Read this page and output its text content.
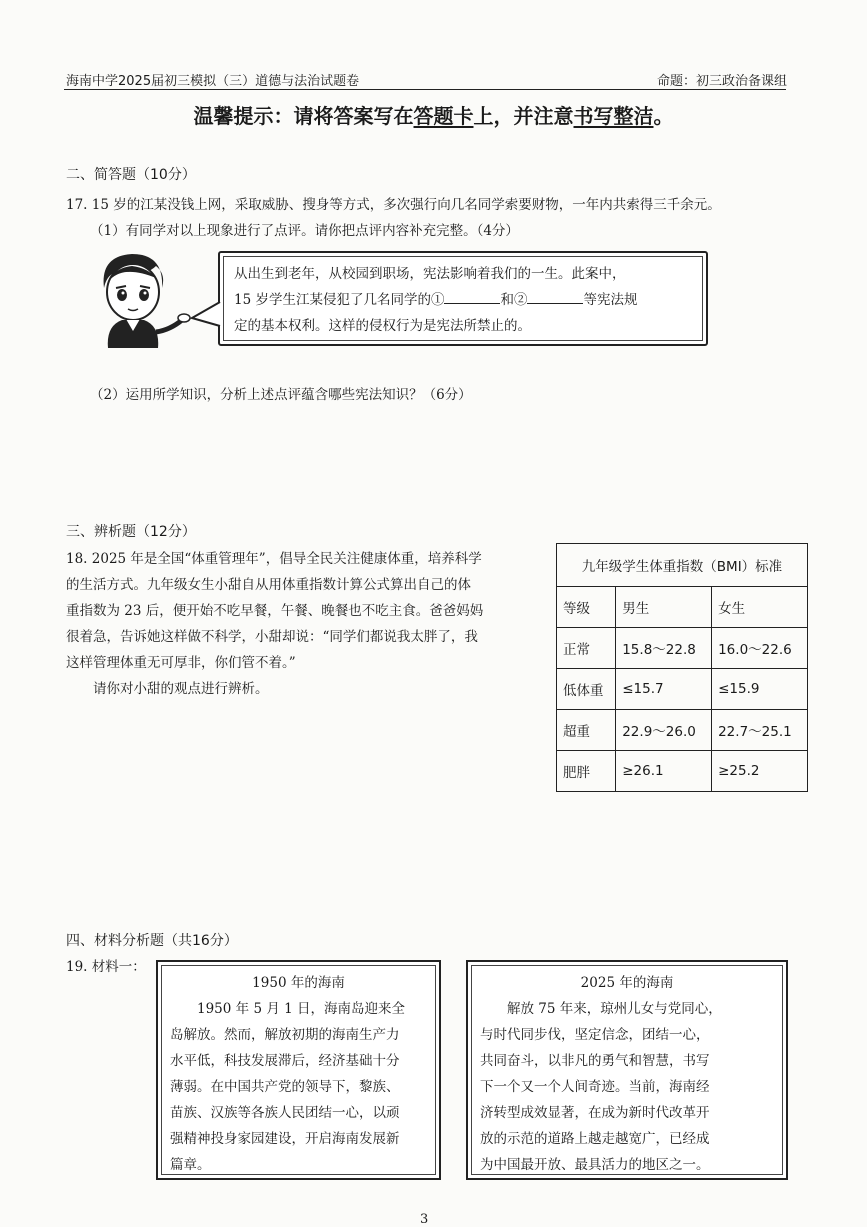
海南中学2025届初三模拟（三）道德与法治试题卷	命题：初三政治备课组
温馨提示：请将答案写在答题卡上，并注意书写整洁。
二、简答题（10分）
17. 15 岁的江某没钱上网，采取威胁、搜身等方式，多次强行向几名同学索要财物，一年内共索得三千余元。
（1）有同学对以上现象进行了点评。请你把点评内容补充完整。（4分）
从出生到老年，从校园到职场，宪法影响着我们的一生。此案中，
15 岁学生江某侵犯了几名同学的①	和②	等宪法规
定的基本权利。这样的侵权行为是宪法所禁止的。
（2）运用所学知识，分析上述点评蕴含哪些宪法知识？（6分）
三、辨析题（12分）
18. 2025 年是全国“体重管理年”，倡导全民关注健康体重，培养科学
的生活方式。九年级女生小甜自从用体重指数计算公式算出自己的体
重指数为 23 后，便开始不吃早餐，午餐、晚餐也不吃主食。爸爸妈妈
很着急，告诉她这样做不科学，小甜却说：“同学们都说我太胖了，我
这样管理体重无可厚非，你们管不着。”
请你对小甜的观点进行辨析。
九年级学生体重指数（BMI）标准		
等级	男生	女生
正常	15.8～22.8	16.0～22.6
低体重	≤15.7	≤15.9
超重	22.9～26.0	22.7～25.1
肥胖	≥26.1	≥25.2
四、材料分析题（共16分）
19. 材料一：
1950 年的海南
1950 年 5 月 1 日，海南岛迎来全
岛解放。然而，解放初期的海南生产力
水平低，科技发展滞后，经济基础十分
薄弱。在中国共产党的领导下，黎族、
苗族、汉族等各族人民团结一心，以顽
强精神投身家园建设，开启海南发展新
篇章。
2025 年的海南
解放 75 年来，琼州儿女与党同心，
与时代同步伐，坚定信念，团结一心，
共同奋斗，以非凡的勇气和智慧，书写
下一个又一个人间奇迹。当前，海南经
济转型成效显著，在成为新时代改革开
放的示范的道路上越走越宽广，已经成
为中国最开放、最具活力的地区之一。
3
